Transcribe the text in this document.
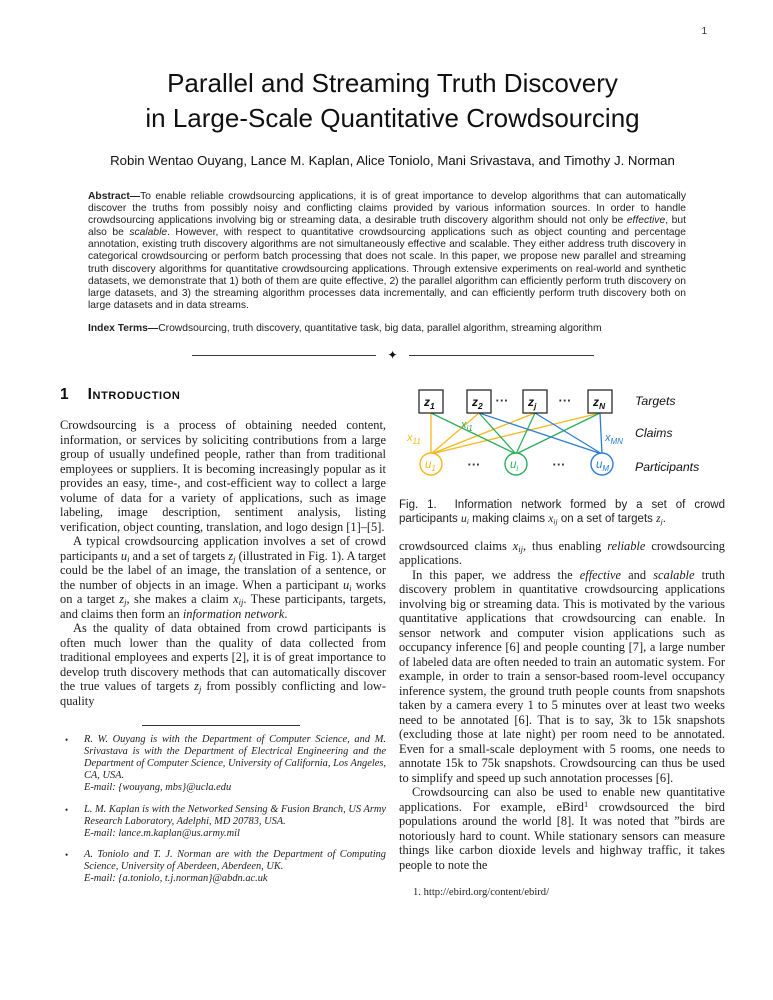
1
Parallel and Streaming Truth Discovery
in Large-Scale Quantitative Crowdsourcing
Robin Wentao Ouyang, Lance M. Kaplan, Alice Toniolo, Mani Srivastava, and Timothy J. Norman
Abstract—To enable reliable crowdsourcing applications, it is of great importance to develop algorithms that can automatically discover the truths from possibly noisy and conflicting claims provided by various information sources. In order to handle crowdsourcing applications involving big or streaming data, a desirable truth discovery algorithm should not only be effective, but also be scalable. However, with respect to quantitative crowdsourcing applications such as object counting and percentage annotation, existing truth discovery algorithms are not simultaneously effective and scalable. They either address truth discovery in categorical crowdsourcing or perform batch processing that does not scale. In this paper, we propose new parallel and streaming truth discovery algorithms for quantitative crowdsourcing applications. Through extensive experiments on real-world and synthetic datasets, we demonstrate that 1) both of them are quite effective, 2) the parallel algorithm can efficiently perform truth discovery on large datasets, and 3) the streaming algorithm processes data incrementally, and can efficiently perform truth discovery both on large datasets and in data streams.
Index Terms—Crowdsourcing, truth discovery, quantitative task, big data, parallel algorithm, streaming algorithm
✦
1 Introduction

Crowdsourcing is a process of obtaining needed content, information, or services by soliciting contributions from a large group of usually undefined people, rather than from traditional employees or suppliers. It is becoming increasingly popular as it provides an easy, time-, and cost-efficient way to collect a large volume of data for a variety of applications, such as image labeling, image description, sentiment analysis, listing verification, object counting, translation, and logo design [1]–[5].

A typical crowdsourcing application involves a set of crowd participants $u_i$ and a set of targets $z_j$ (illustrated in Fig. 1). A target could be the label of an image, the translation of a sentence, or the number of objects in an image. When a participant $u_i$ works on a target $z_j$, she makes a claim $x_{ij}$. These participants, targets, and claims then form an information network.

As the quality of data obtained from crowd participants is often much lower than the quality of data collected from traditional employees and experts [2], it is of great importance to develop truth discovery methods that can automatically discover the true values of targets $z_j$ from possibly conflicting and low-quality

•	R. W. Ouyang is with the Department of Computer Science, and M. Srivastava is with the Department of Electrical Engineering and the Department of Computer Science, University of California, Los Angeles, CA, USA.
E-mail: {wouyang, mbs}@ucla.edu
•	L. M. Kaplan is with the Networked Sensing & Fusion Branch, US Army Research Laboratory, Adelphi, MD 20783, USA.
E-mail: lance.m.kaplan@us.army.mil
•	A. Toniolo and T. J. Norman are with the Department of Computing Science, University of Aberdeen, Aberdeen, UK.
E-mail: {a.toniolo, t.j.norman}@abdn.ac.uk
z1	z2	zj	zN
···	···
u1	ui	uM
···	···
x11
xi1
xMN
Targets
Claims
Participants
Fig. 1.  Information network formed by a set of crowd participants $u_i$ making claims $x_{ij}$ on a set of targets $z_j$.

crowdsourced claims $x_{ij}$, thus enabling reliable crowdsourcing applications.

In this paper, we address the effective and scalable truth discovery problem in quantitative crowdsourcing applications involving big or streaming data. This is motivated by the various quantitative applications that crowdsourcing can enable. In sensor network and computer vision applications such as occupancy inference [6] and people counting [7], a large number of labeled data are often needed to train an automatic system. For example, in order to train a sensor-based room-level occupancy inference system, the ground truth people counts from snapshots taken by a camera every 1 to 5 minutes over at least two weeks need to be annotated [6]. That is to say, 3k to 15k snapshots (excluding those at late night) per room need to be annotated. Even for a small-scale deployment with 5 rooms, one needs to annotate 15k to 75k snapshots. Crowdsourcing can thus be used to simplify and speed up such annotation processes [6].

Crowdsourcing can also be used to enable new quantitative applications. For example, eBird$^1$ crowdsourced the bird populations around the world [8]. It was noted that ”birds are notoriously hard to count. While stationary sensors can measure things like carbon dioxide levels and highway traffic, it takes people to note the

1. http://ebird.org/content/ebird/
